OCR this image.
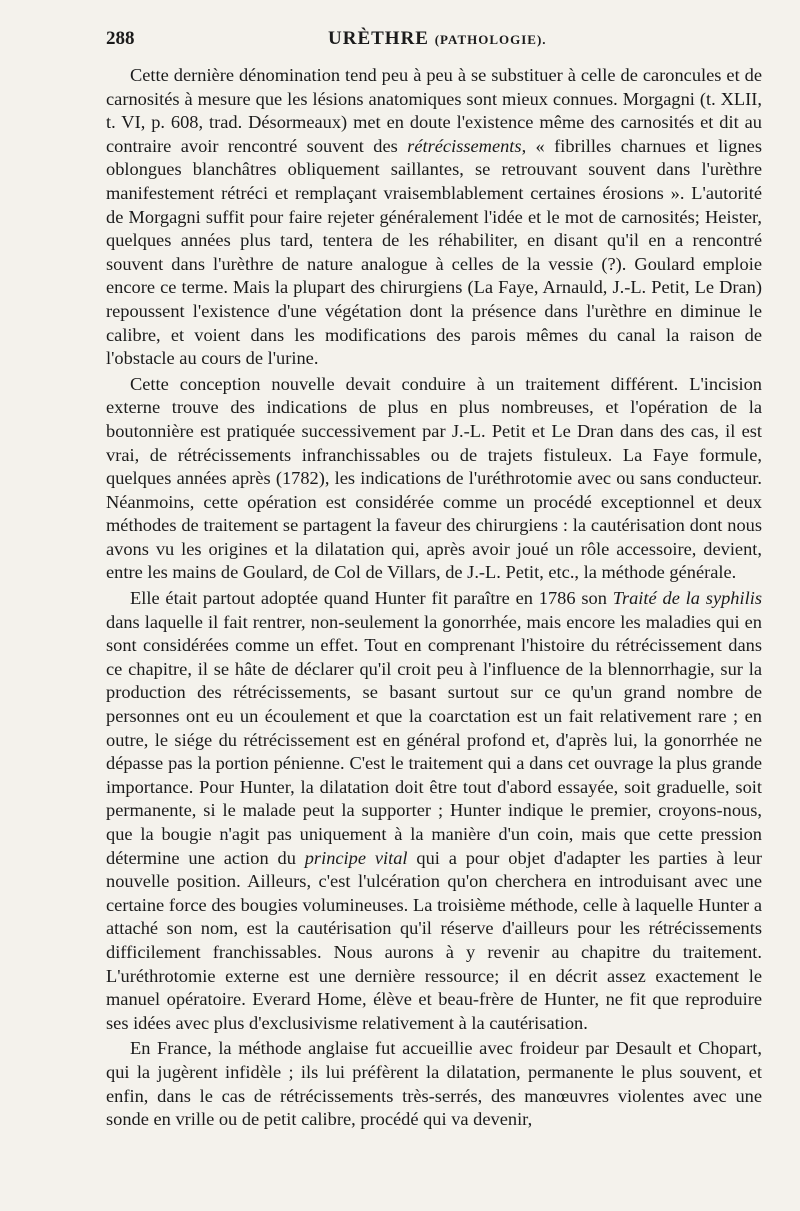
288	URÈTHRE (PATHOLOGIE).

Cette dernière dénomination tend peu à peu à se substituer à celle de caroncules et de carnosités à mesure que les lésions anatomiques sont mieux connues. Morgagni (t. XLII, t. VI, p. 608, trad. Désormeaux) met en doute l'existence même des carnosités et dit au contraire avoir rencontré souvent des rétrécissements, « fibrilles charnues et lignes oblongues blanchâtres obliquement saillantes, se retrouvant souvent dans l'urèthre manifestement rétréci et remplaçant vraisemblablement certaines érosions ». L'autorité de Morgagni suffit pour faire rejeter généralement l'idée et le mot de carnosités; Heister, quelques années plus tard, tentera de les réhabiliter, en disant qu'il en a rencontré souvent dans l'urèthre de nature analogue à celles de la vessie (?). Goulard emploie encore ce terme. Mais la plupart des chirurgiens (La Faye, Arnauld, J.-L. Petit, Le Dran) repoussent l'existence d'une végétation dont la présence dans l'urèthre en diminue le calibre, et voient dans les modifications des parois mêmes du canal la raison de l'obstacle au cours de l'urine.

Cette conception nouvelle devait conduire à un traitement différent. L'incision externe trouve des indications de plus en plus nombreuses, et l'opération de la boutonnière est pratiquée successivement par J.-L. Petit et Le Dran dans des cas, il est vrai, de rétrécissements infranchissables ou de trajets fistuleux. La Faye formule, quelques années après (1782), les indications de l'uréthrotomie avec ou sans conducteur. Néanmoins, cette opération est considérée comme un procédé exceptionnel et deux méthodes de traitement se partagent la faveur des chirurgiens : la cautérisation dont nous avons vu les origines et la dilatation qui, après avoir joué un rôle accessoire, devient, entre les mains de Goulard, de Col de Villars, de J.-L. Petit, etc., la méthode générale.

Elle était partout adoptée quand Hunter fit paraître en 1786 son Traité de la syphilis dans laquelle il fait rentrer, non-seulement la gonorrhée, mais encore les maladies qui en sont considérées comme un effet. Tout en comprenant l'histoire du rétrécissement dans ce chapitre, il se hâte de déclarer qu'il croit peu à l'influence de la blennorrhagie, sur la production des rétrécissements, se basant surtout sur ce qu'un grand nombre de personnes ont eu un écoulement et que la coarctation est un fait relativement rare ; en outre, le siége du rétrécissement est en général profond et, d'après lui, la gonorrhée ne dépasse pas la portion pénienne. C'est le traitement qui a dans cet ouvrage la plus grande importance. Pour Hunter, la dilatation doit être tout d'abord essayée, soit graduelle, soit permanente, si le malade peut la supporter ; Hunter indique le premier, croyons-nous, que la bougie n'agit pas uniquement à la manière d'un coin, mais que cette pression détermine une action du principe vital qui a pour objet d'adapter les parties à leur nouvelle position. Ailleurs, c'est l'ulcération qu'on cherchera en introduisant avec une certaine force des bougies volumineuses. La troisième méthode, celle à laquelle Hunter a attaché son nom, est la cautérisation qu'il réserve d'ailleurs pour les rétrécissements difficilement franchissables. Nous aurons à y revenir au chapitre du traitement. L'uréthrotomie externe est une dernière ressource; il en décrit assez exactement le manuel opératoire. Everard Home, élève et beau-frère de Hunter, ne fit que reproduire ses idées avec plus d'exclusivisme relativement à la cautérisation.

En France, la méthode anglaise fut accueillie avec froideur par Desault et Chopart, qui la jugèrent infidèle ; ils lui préfèrent la dilatation, permanente le plus souvent, et enfin, dans le cas de rétrécissements très-serrés, des manœuvres violentes avec une sonde en vrille ou de petit calibre, procédé qui va devenir,
